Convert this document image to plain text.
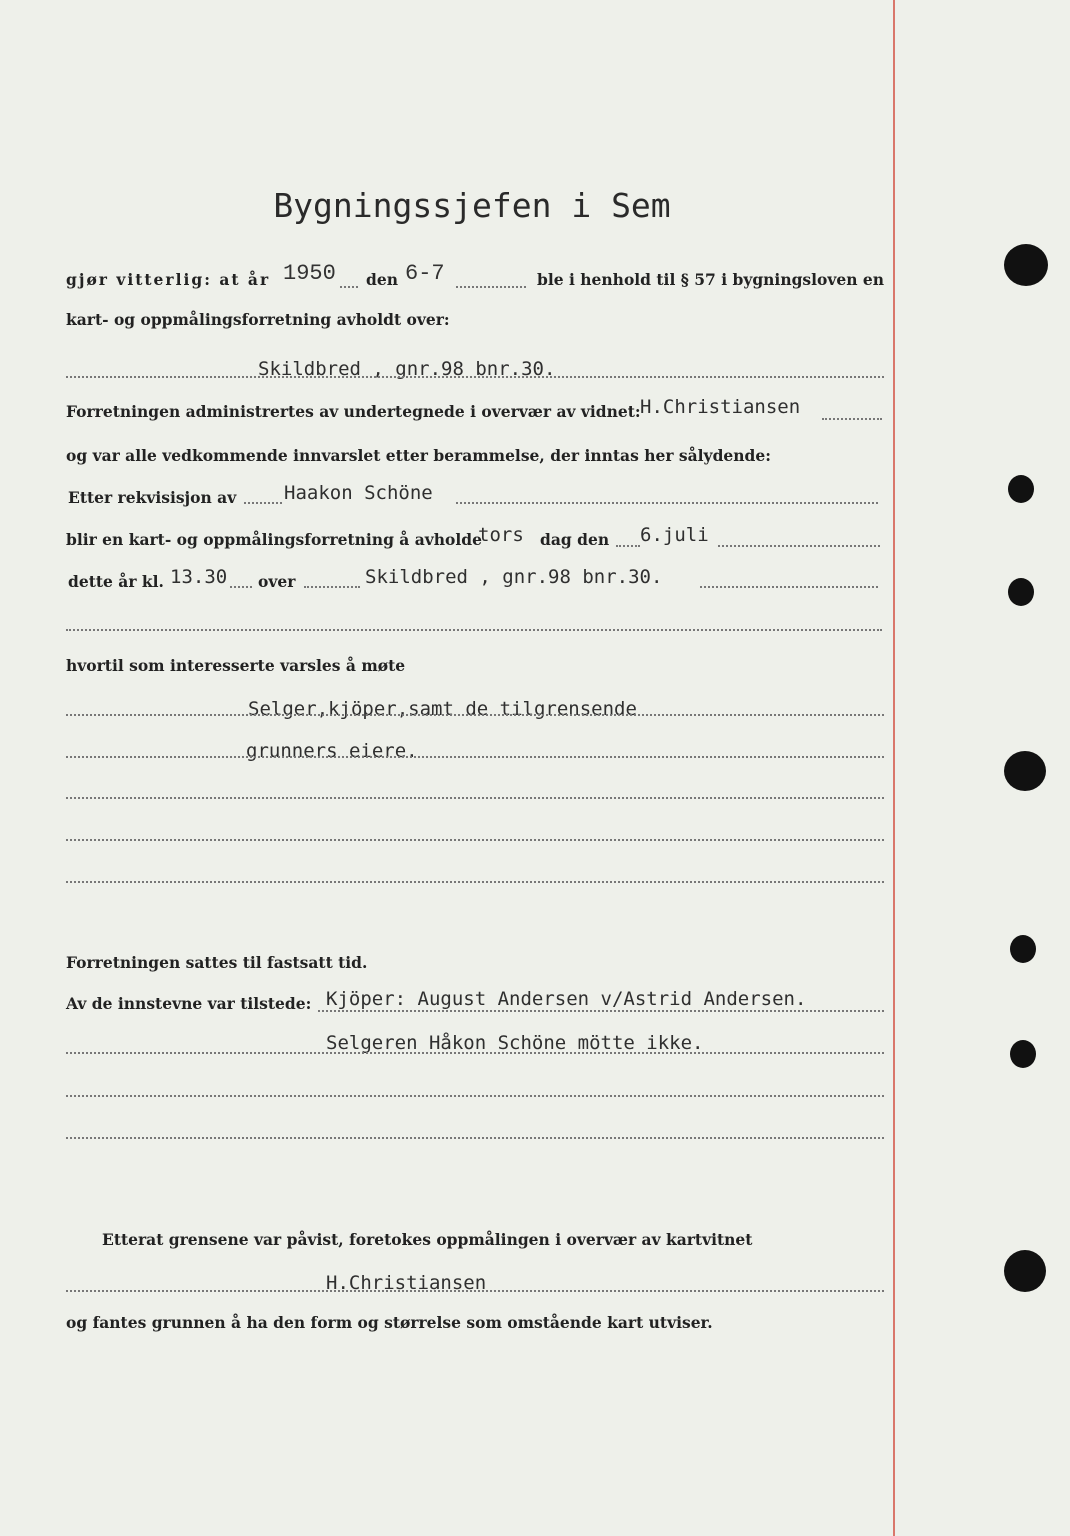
Bygningssjefen i Sem
gjør vitterlig: at år 1950 den 6-7	ble i henhold til § 57 i bygningsloven en
kart- og oppmålingsforretning avholdt over:
Skildbred , gnr.98 bnr.30.
Forretningen administrertes av undertegnede i overvær av vidnet: H.Christiansen
og var alle vedkommende innvarslet etter berammelse, der inntas her sålydende:
Etter rekvisisjon av	Haakon Schöne
blir en kart- og oppmålingsforretning å avholde
tors dag den 6.juli
dette år kl. 13.30 over	Skildbred , gnr.98 bnr.30.
hvortil som interesserte varsles å møte
Selger,kjöper,samt de tilgrensende
grunners eiere.
Forretningen sattes til fastsatt tid.
Av de innstevne var tilstede: Kjöper: August Andersen v/Astrid Andersen.
Selgeren Håkon Schöne mötte ikke.
Etterat grensene var påvist, foretokes oppmålingen i overvær av kartvitnet
H.Christiansen
og fantes grunnen å ha den form og størrelse som omstående kart utviser.
